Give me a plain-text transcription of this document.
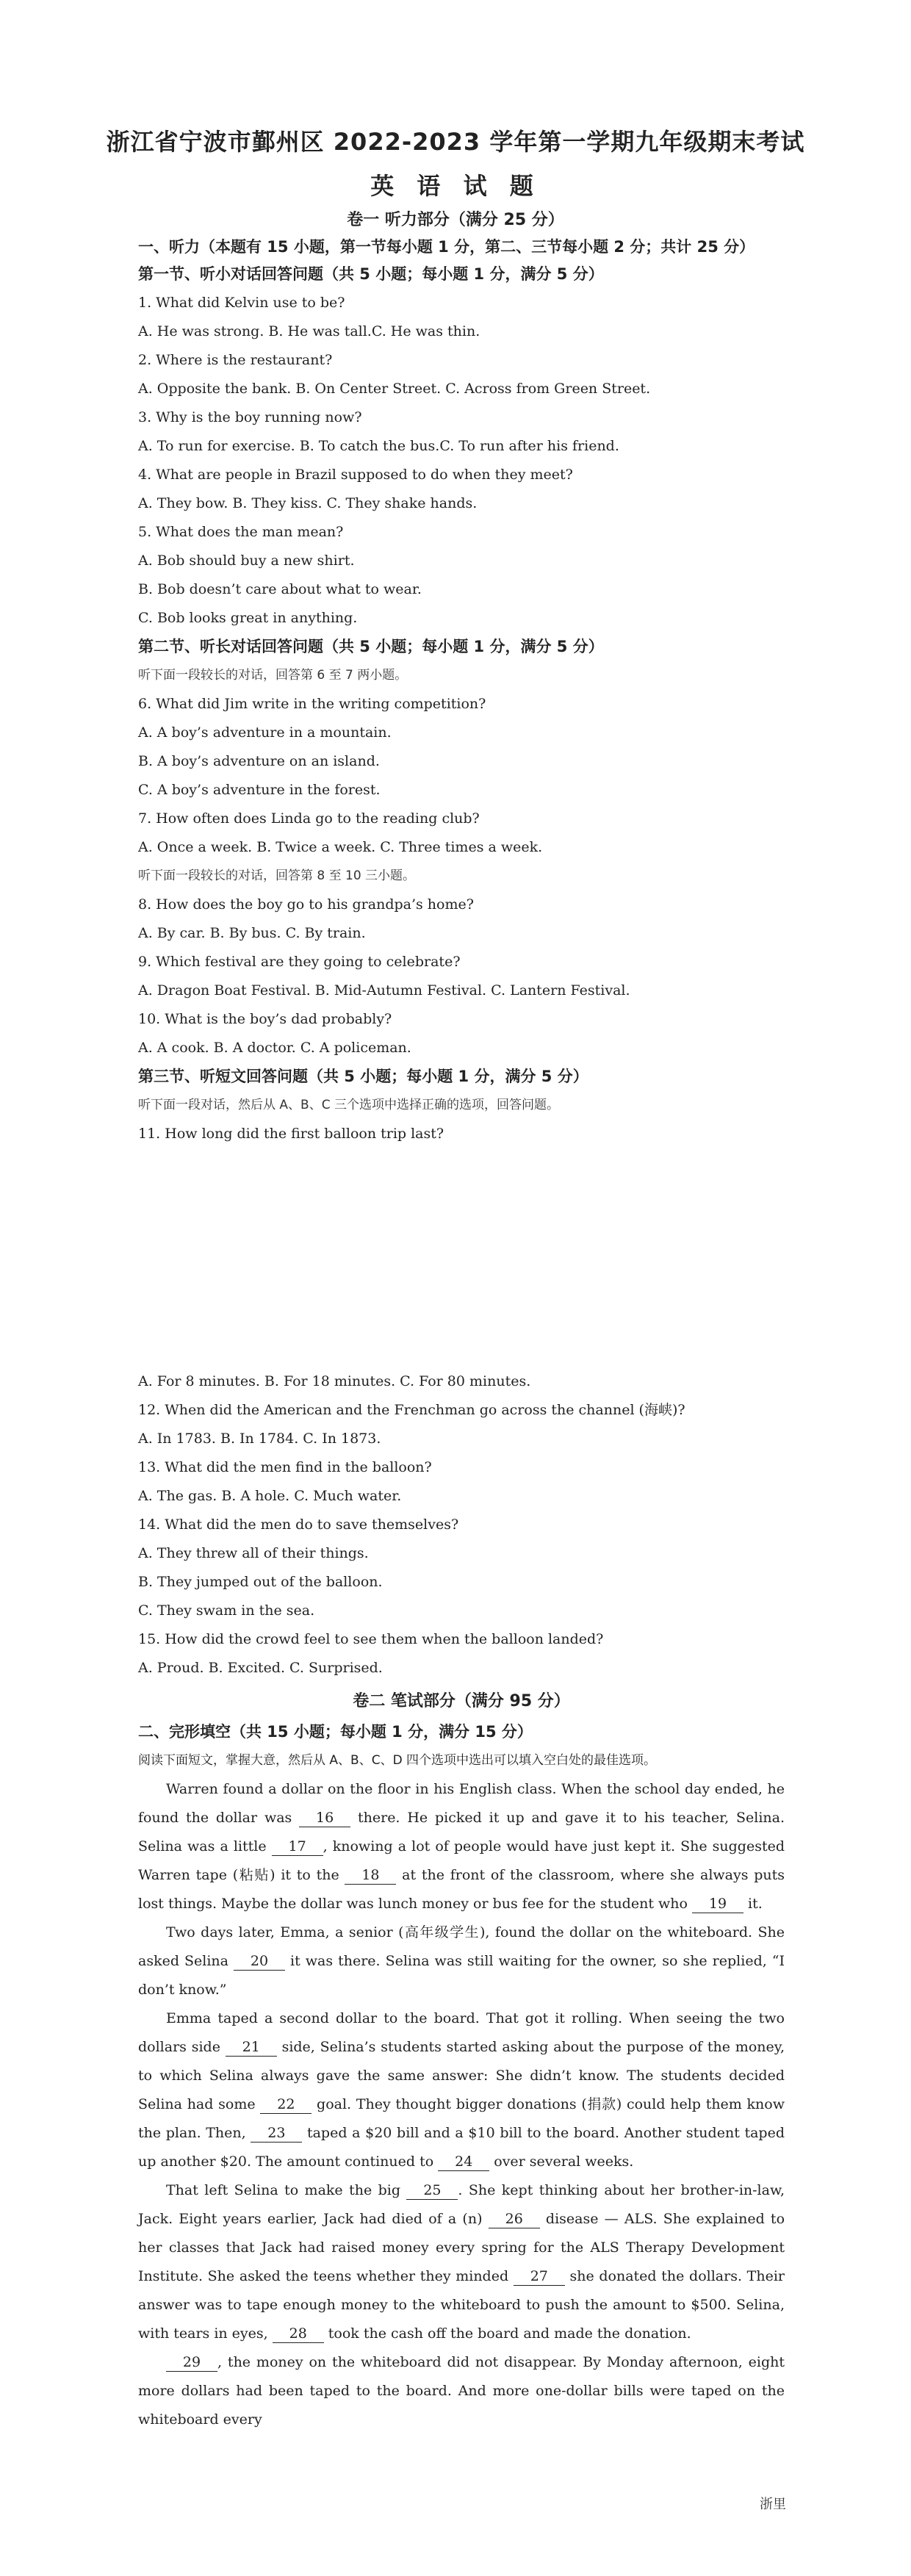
浙江省宁波市鄞州区 2022-2023 学年第一学期九年级期末考试
英 语 试 题
卷一 听力部分（满分 25 分）
一、听力（本题有 15 小题，第一节每小题 1 分，第二、三节每小题 2 分；共计 25 分）
第一节、听小对话回答问题（共 5 小题；每小题 1 分，满分 5 分）
1. What did Kelvin use to be?
A. He was strong. B. He was tall.C. He was thin.
2. Where is the restaurant?
A. Opposite the bank. B. On Center Street. C. Across from Green Street.
3. Why is the boy running now?
A. To run for exercise. B. To catch the bus.C. To run after his friend.
4. What are people in Brazil supposed to do when they meet?
A. They bow. B. They kiss. C. They shake hands.
5. What does the man mean?
A. Bob should buy a new shirt.
B. Bob doesn’t care about what to wear.
C. Bob looks great in anything.
第二节、听长对话回答问题（共 5 小题；每小题 1 分，满分 5 分）
听下面一段较长的对话，回答第 6 至 7 两小题。
6. What did Jim write in the writing competition?
A. A boy’s adventure in a mountain.
B. A boy’s adventure on an island.
C. A boy’s adventure in the forest.
7. How often does Linda go to the reading club?
A. Once a week. B. Twice a week. C. Three times a week.
听下面一段较长的对话，回答第 8 至 10 三小题。
8. How does the boy go to his grandpa’s home?
A. By car. B. By bus. C. By train.
9. Which festival are they going to celebrate?
A. Dragon Boat Festival. B. Mid-Autumn Festival. C. Lantern Festival.
10. What is the boy’s dad probably?
A. A cook. B. A doctor. C. A policeman.
第三节、听短文回答问题（共 5 小题；每小题 1 分，满分 5 分）
听下面一段对话，然后从 A、B、C 三个选项中选择正确的选项，回答问题。
11. How long did the first balloon trip last?
A. For 8 minutes. B. For 18 minutes. C. For 80 minutes.
12. When did the American and the Frenchman go across the channel (海峡)?
A. In 1783. B. In 1784. C. In 1873.
13. What did the men find in the balloon?
A. The gas. B. A hole. C. Much water.
14. What did the men do to save themselves?
A. They threw all of their things.
B. They jumped out of the balloon.
C. They swam in the sea.
15. How did the crowd feel to see them when the balloon landed?
A. Proud. B. Excited. C. Surprised.
卷二 笔试部分（满分 95 分）
二、完形填空（共 15 小题；每小题 1 分，满分 15 分）
阅读下面短文，掌握大意，然后从 A、B、C、D 四个选项中选出可以填入空白处的最佳选项。
Warren found a dollar on the floor in his English class. When the school day ended, he found the dollar was 16 there. He picked it up and gave it to his teacher, Selina. Selina was a little 17 , knowing a lot of people would have just kept it. She suggested Warren tape (粘贴) it to the 18 at the front of the classroom, where she always puts lost things. Maybe the dollar was lunch money or bus fee for the student who 19 it.
Two days later, Emma, a senior (高年级学生), found the dollar on the whiteboard. She asked Selina 20 it was there. Selina was still waiting for the owner, so she replied, “I don’t know.”
Emma taped a second dollar to the board. That got it rolling. When seeing the two dollars side 21 side, Selina’s students started asking about the purpose of the money, to which Selina always gave the same answer: She didn’t know. The students decided Selina had some 22 goal. They thought bigger donations (捐款) could help them know the plan. Then, 23 taped a $20 bill and a $10 bill to the board. Another student taped up another $20. The amount continued to 24 over several weeks.
That left Selina to make the big 25 . She kept thinking about her brother-in-law, Jack. Eight years earlier, Jack had died of a (n) 26 disease — ALS. She explained to her classes that Jack had raised money every spring for the ALS Therapy Development Institute. She asked the teens whether they minded 27 she donated the dollars. Their answer was to tape enough money to the whiteboard to push the amount to $500. Selina, with tears in eyes, 28 took the cash off the board and made the donation.
29 , the money on the whiteboard did not disappear. By Monday afternoon, eight more dollars had been taped to the board. And more one-dollar bills were taped on the whiteboard every
浙里
